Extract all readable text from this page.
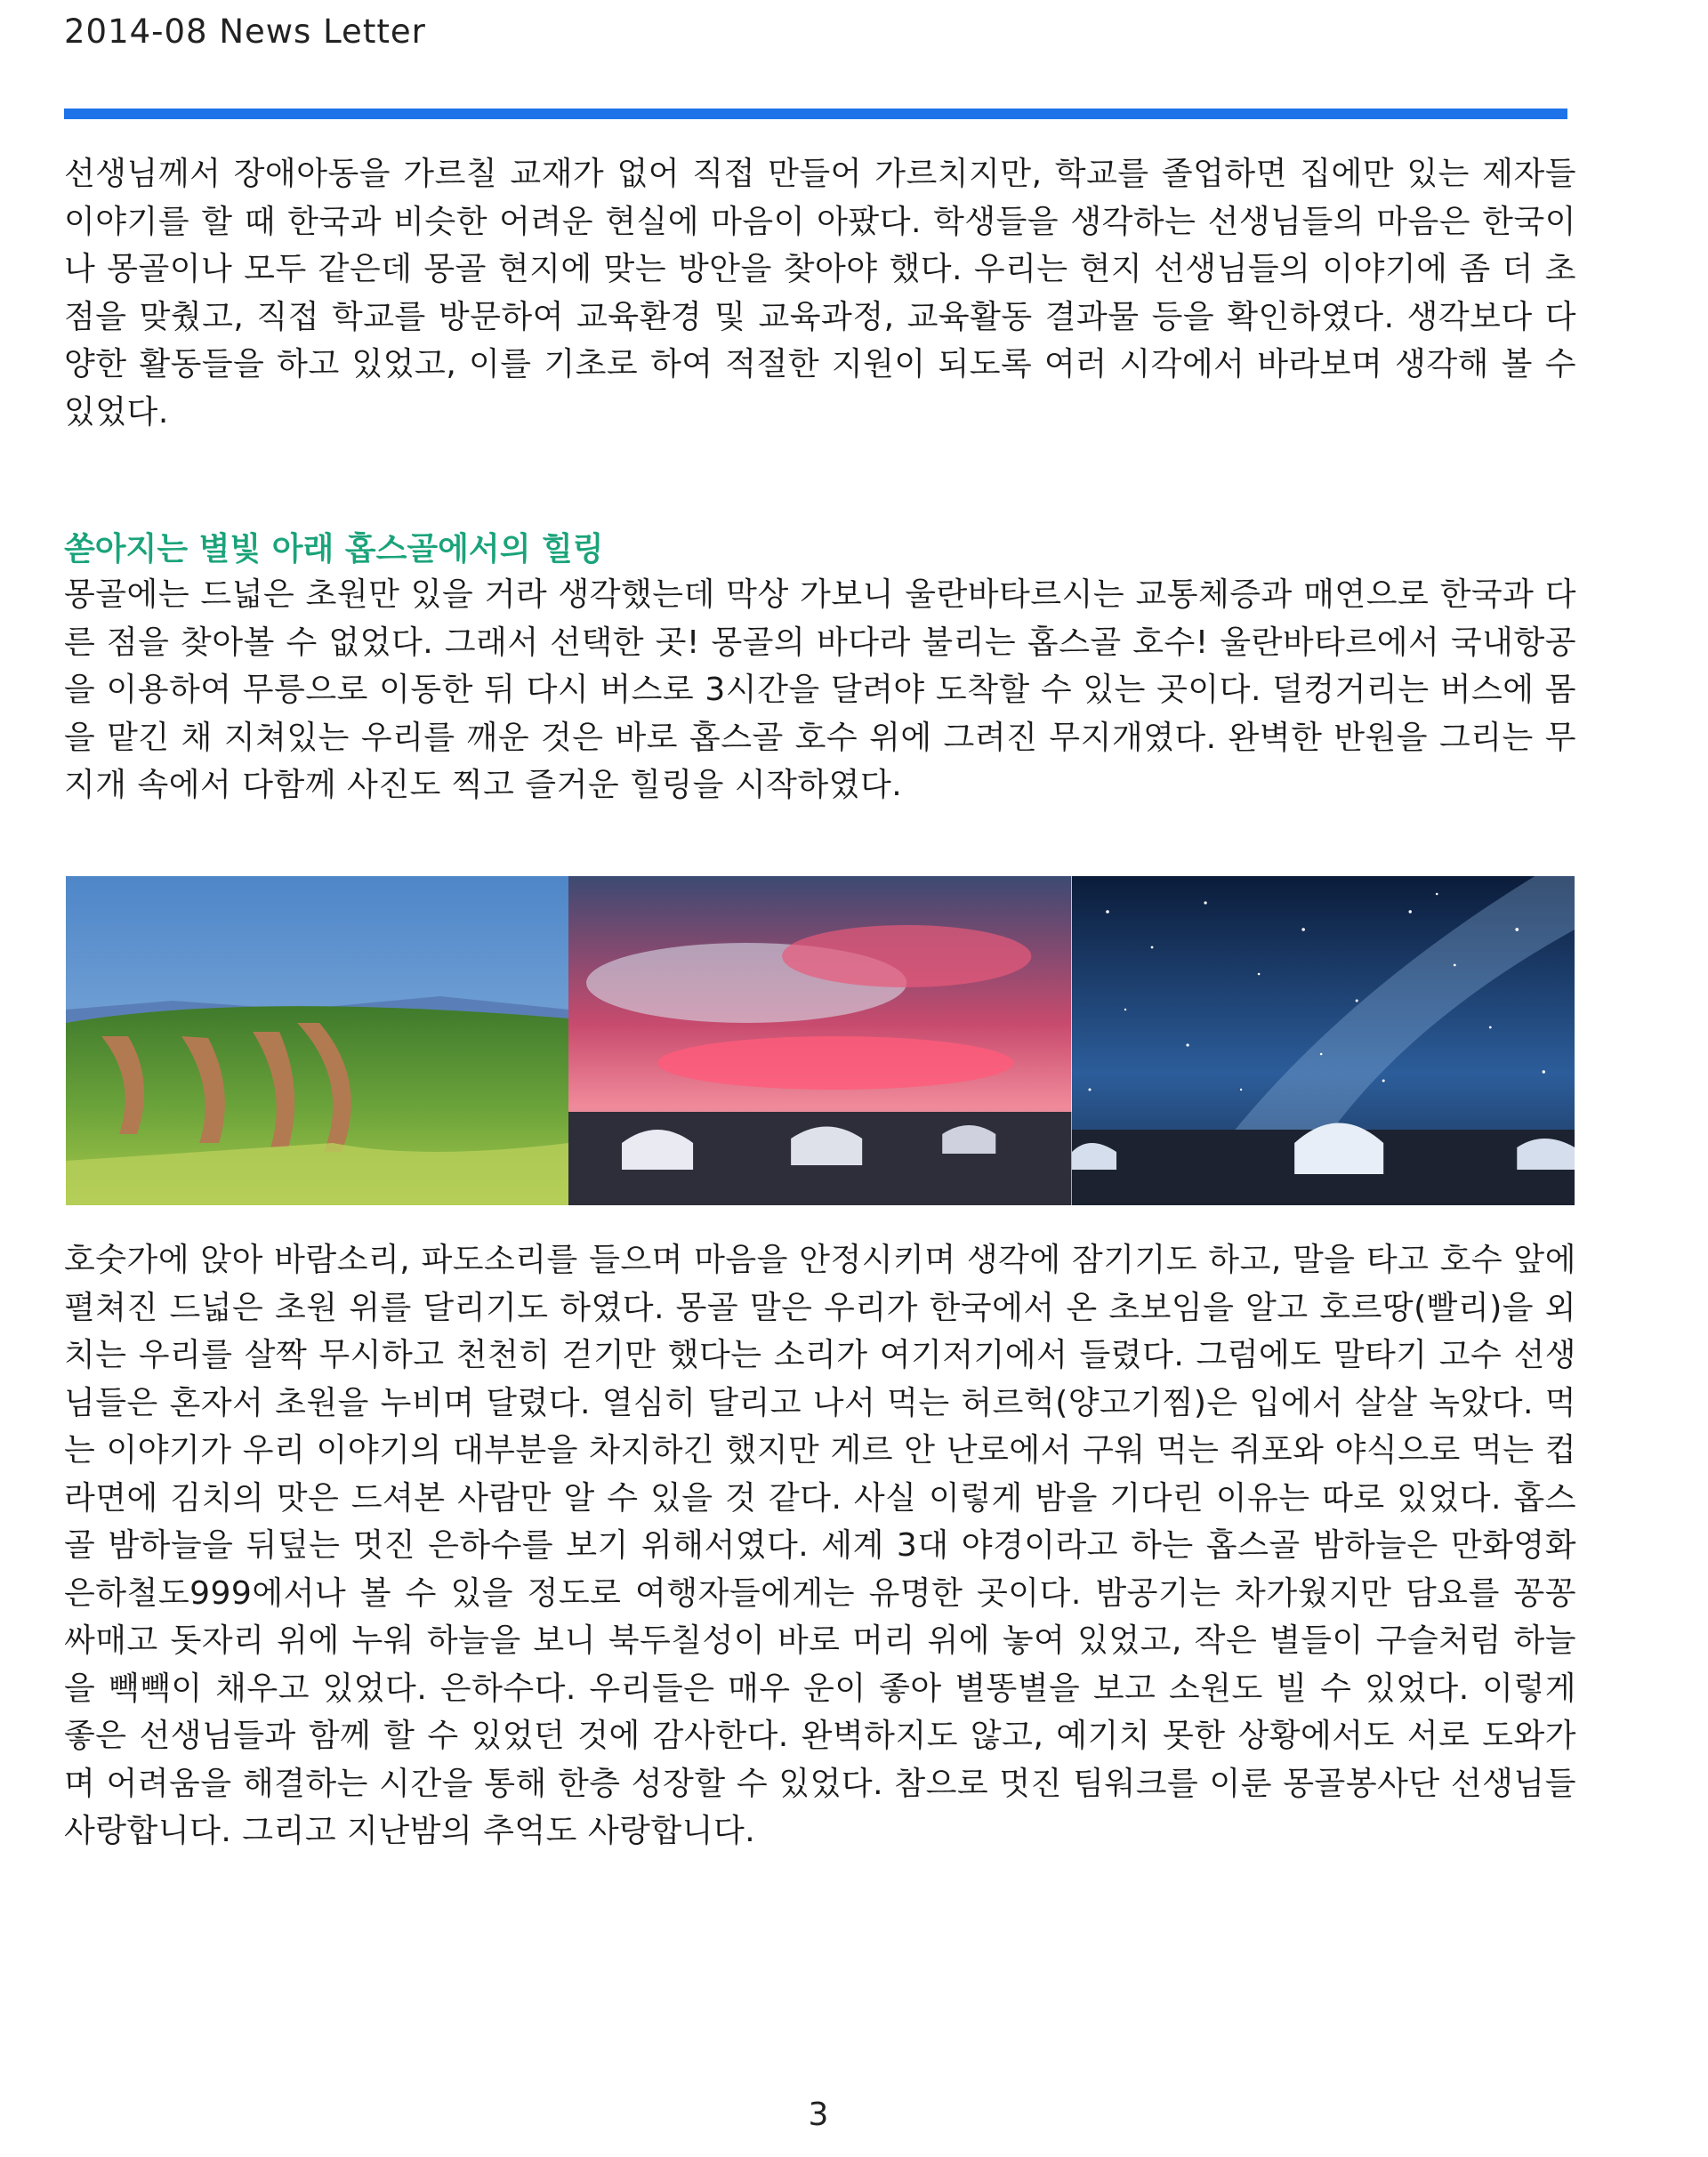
2014-08 News Letter

선생님께서 장애아동을 가르칠 교재가 없어 직접 만들어 가르치지만, 학교를 졸업하면 집에만 있는 제자들 이야기를 할 때 한국과 비슷한 어려운 현실에 마음이 아팠다. 학생들을 생각하는 선생님들의 마음은 한국이나 몽골이나 모두 같은데 몽골 현지에 맞는 방안을 찾아야 했다. 우리는 현지 선생님들의 이야기에 좀 더 초점을 맞췄고, 직접 학교를 방문하여 교육환경 및 교육과정, 교육활동 결과물 등을 확인하였다. 생각보다 다양한 활동들을 하고 있었고, 이를 기초로 하여 적절한 지원이 되도록 여러 시각에서 바라보며 생각해 볼 수 있었다.

쏟아지는 별빛 아래 홉스골에서의 힐링

몽골에는 드넓은 초원만 있을 거라 생각했는데 막상 가보니 울란바타르시는 교통체증과 매연으로 한국과 다른 점을 찾아볼 수 없었다. 그래서 선택한 곳! 몽골의 바다라 불리는 홉스골 호수! 울란바타르에서 국내항공을 이용하여 무릉으로 이동한 뒤 다시 버스로 3시간을 달려야 도착할 수 있는 곳이다. 덜컹거리는 버스에 몸을 맡긴 채 지쳐있는 우리를 깨운 것은 바로 홉스골 호수 위에 그려진 무지개였다. 완벽한 반원을 그리는 무지개 속에서 다함께 사진도 찍고 즐거운 힐링을 시작하였다.

호숫가에 앉아 바람소리, 파도소리를 들으며 마음을 안정시키며 생각에 잠기기도 하고, 말을 타고 호수 앞에 펼쳐진 드넓은 초원 위를 달리기도 하였다. 몽골 말은 우리가 한국에서 온 초보임을 알고 호르땅(빨리)을 외치는 우리를 살짝 무시하고 천천히 걷기만 했다는 소리가 여기저기에서 들렸다. 그럼에도 말타기 고수 선생님들은 혼자서 초원을 누비며 달렸다. 열심히 달리고 나서 먹는 허르헉(양고기찜)은 입에서 살살 녹았다. 먹는 이야기가 우리 이야기의 대부분을 차지하긴 했지만 게르 안 난로에서 구워 먹는 쥐포와 야식으로 먹는 컵라면에 김치의 맛은 드셔본 사람만 알 수 있을 것 같다. 사실 이렇게 밤을 기다린 이유는 따로 있었다. 홉스골 밤하늘을 뒤덮는 멋진 은하수를 보기 위해서였다. 세계 3대 야경이라고 하는 홉스골 밤하늘은 만화영화 은하철도999에서나 볼 수 있을 정도로 여행자들에게는 유명한 곳이다. 밤공기는 차가웠지만 담요를 꽁꽁 싸매고 돗자리 위에 누워 하늘을 보니 북두칠성이 바로 머리 위에 놓여 있었고, 작은 별들이 구슬처럼 하늘을 빽빽이 채우고 있었다. 은하수다. 우리들은 매우 운이 좋아 별똥별을 보고 소원도 빌 수 있었다. 이렇게 좋은 선생님들과 함께 할 수 있었던 것에 감사한다. 완벽하지도 않고, 예기치 못한 상황에서도 서로 도와가며 어려움을 해결하는 시간을 통해 한층 성장할 수 있었다. 참으로 멋진 팀워크를 이룬 몽골봉사단 선생님들 사랑합니다. 그리고 지난밤의 추억도 사랑합니다.

3
